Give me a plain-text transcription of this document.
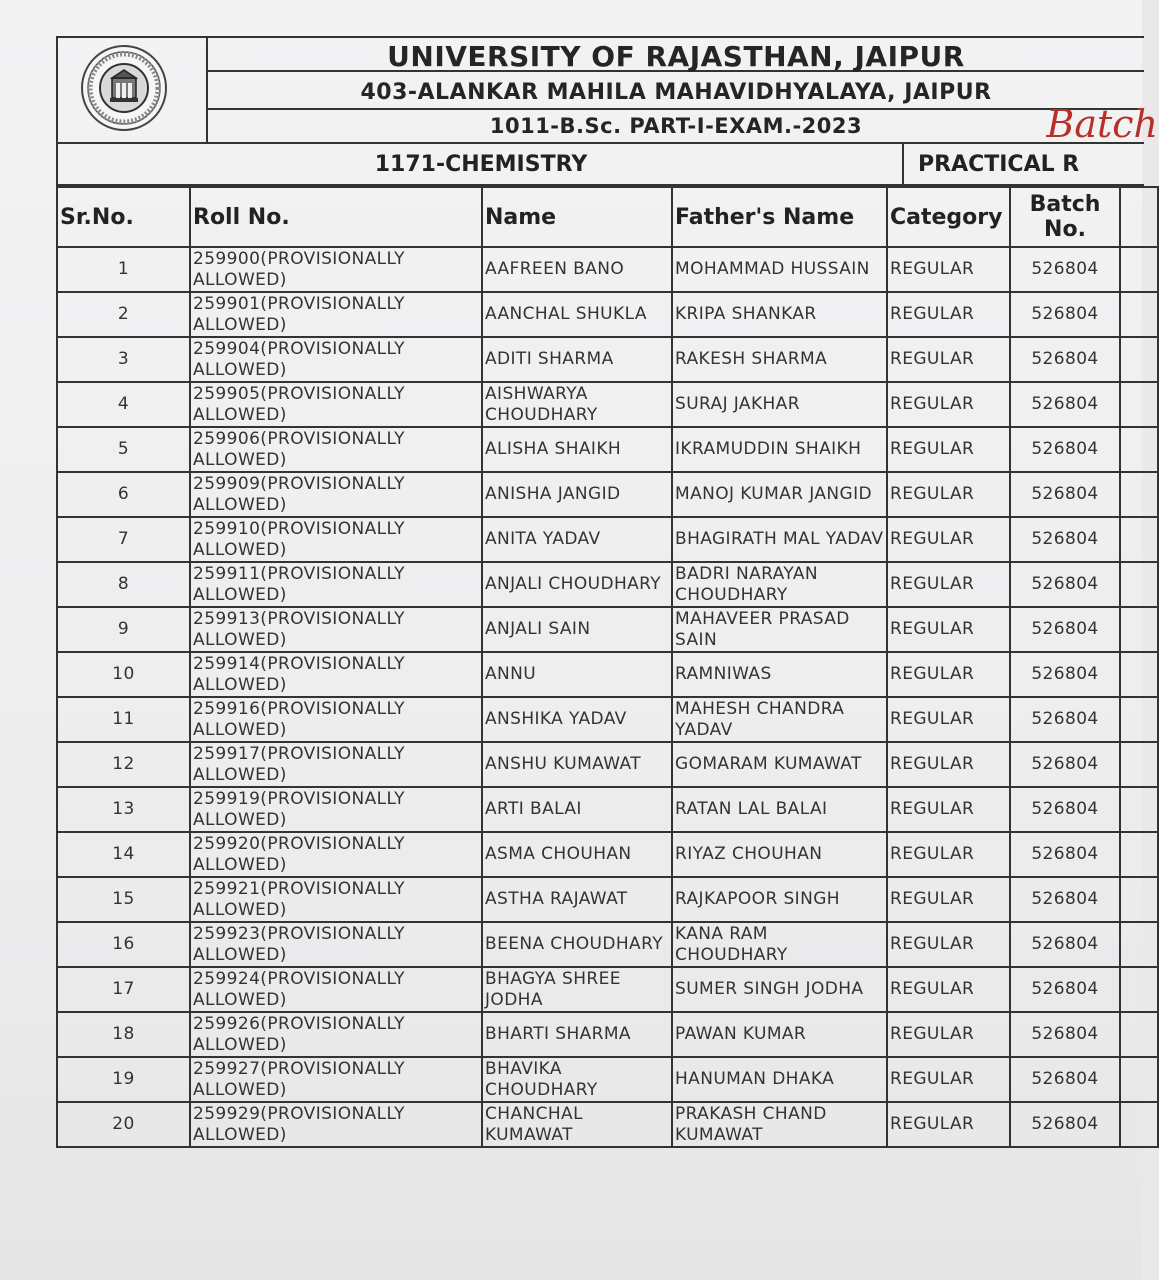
UNIVERSITY OF RAJASTHAN, JAIPUR
403-ALANKAR MAHILA MAHAVIDHYALAYA, JAIPUR
1011-B.Sc. PART-I-EXAM.-2023	Batch
1171-CHEMISTRY	PRACTICAL R
Sr.No.	Roll No.	Name	Father's Name	Category	Batch No.	
1	259900(PROVISIONALLY ALLOWED)	AAFREEN BANO	MOHAMMAD HUSSAIN	REGULAR	526804	
2	259901(PROVISIONALLY ALLOWED)	AANCHAL SHUKLA	KRIPA SHANKAR	REGULAR	526804	
3	259904(PROVISIONALLY ALLOWED)	ADITI SHARMA	RAKESH SHARMA	REGULAR	526804	
4	259905(PROVISIONALLY ALLOWED)	AISHWARYA CHOUDHARY	SURAJ JAKHAR	REGULAR	526804	
5	259906(PROVISIONALLY ALLOWED)	ALISHA SHAIKH	IKRAMUDDIN SHAIKH	REGULAR	526804	
6	259909(PROVISIONALLY ALLOWED)	ANISHA JANGID	MANOJ KUMAR JANGID	REGULAR	526804	
7	259910(PROVISIONALLY ALLOWED)	ANITA YADAV	BHAGIRATH MAL YADAV	REGULAR	526804	
8	259911(PROVISIONALLY ALLOWED)	ANJALI CHOUDHARY	BADRI NARAYAN CHOUDHARY	REGULAR	526804	
9	259913(PROVISIONALLY ALLOWED)	ANJALI SAIN	MAHAVEER PRASAD SAIN	REGULAR	526804	
10	259914(PROVISIONALLY ALLOWED)	ANNU	RAMNIWAS	REGULAR	526804	
11	259916(PROVISIONALLY ALLOWED)	ANSHIKA YADAV	MAHESH CHANDRA YADAV	REGULAR	526804	
12	259917(PROVISIONALLY ALLOWED)	ANSHU KUMAWAT	GOMARAM KUMAWAT	REGULAR	526804	
13	259919(PROVISIONALLY ALLOWED)	ARTI BALAI	RATAN LAL BALAI	REGULAR	526804	
14	259920(PROVISIONALLY ALLOWED)	ASMA CHOUHAN	RIYAZ CHOUHAN	REGULAR	526804	
15	259921(PROVISIONALLY ALLOWED)	ASTHA RAJAWAT	RAJKAPOOR SINGH	REGULAR	526804	
16	259923(PROVISIONALLY ALLOWED)	BEENA CHOUDHARY	KANA RAM CHOUDHARY	REGULAR	526804	
17	259924(PROVISIONALLY ALLOWED)	BHAGYA SHREE JODHA	SUMER SINGH JODHA	REGULAR	526804	
18	259926(PROVISIONALLY ALLOWED)	BHARTI SHARMA	PAWAN KUMAR	REGULAR	526804	
19	259927(PROVISIONALLY ALLOWED)	BHAVIKA CHOUDHARY	HANUMAN DHAKA	REGULAR	526804	
20	259929(PROVISIONALLY ALLOWED)	CHANCHAL KUMAWAT	PRAKASH CHAND KUMAWAT	REGULAR	526804	
